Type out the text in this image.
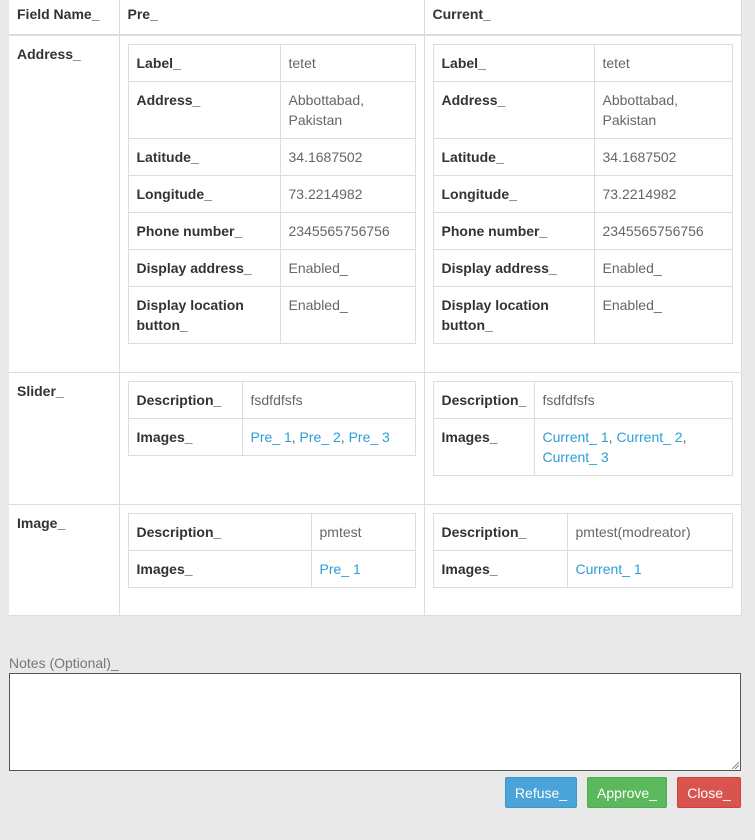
Field Name_	Pre_	Current_
Address_	
Label_	tetet
Address_	Abbottabad, Pakistan
Latitude_	34.1687502
Longitude_	73.2214982
Phone number_	2345565756756
Display address_	Enabled_
Display location button_	Enabled_

Label_	tetet
Address_	Abbottabad, Pakistan
Latitude_	34.1687502
Longitude_	73.2214982
Phone number_	2345565756756
Display address_	Enabled_
Display location button_	Enabled_

Slider_	
Description_	fsdfdfsfs
Images_	Pre_ 1, Pre_ 2, Pre_ 3

Description_	fsdfdfsfs
Images_	Current_ 1, Current_ 2, Current_ 3

Image_	
Description_	pmtest
Images_	Pre_ 1

Description_	pmtest(modreator)
Images_	Current_ 1
Notes (Optional)_
Refuse_	Approve_	Close_
